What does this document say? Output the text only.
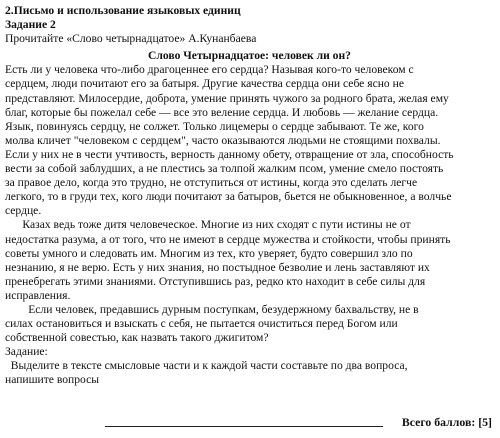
2.Письмо и использование языковых единиц
Задание 2
Прочитайте «Слово четырнадцатое» А.Кунанбаева
Слово Четырнадцатое: человек ли он?
Есть ли у человека что-либо драгоценнее его сердца? Называя кого-то человеком с
сердцем, люди почитают его за батыря. Другие качества сердца они себе ясно не
представляют. Милосердие, доброта, умение принять чужого за родного брата, желая ему
благ, которые бы пожелал себе — все это веление сердца. И любовь — желание сердца.
Язык, повинуясь сердцу, не солжет. Только лицемеры о сердце забывают. Те же, кого
молва кличет "человеком с сердцем", часто оказываются людьми не стоящими похвалы.
Если у них не в чести учтивость, верность данному обету, отвращение от зла, способность
вести за собой заблудших, а не плестись за толпой жалким псом, умение смело постоять
за правое дело, когда это трудно, не отступиться от истины, когда это сделать легче
легкого, то в груди тех, кого люди почитают за батыров, бьется не обыкновенное, а волчье
сердце.
Казах ведь тоже дитя человеческое. Многие из них сходят с пути истины не от
недостатка разума, а от того, что не имеют в сердце мужества и стойкости, чтобы принять
советы умного и следовать им. Многим из тех, кто уверяет, будто совершил зло по
незнанию, я не верю. Есть у них знания, но постыдное безволие и лень заставляют их
пренебрегать этими знаниями. Отступившись раз, редко кто находит в себе силы для
исправления.
Если человек, предавшись дурным поступкам, безудержному бахвальству, не в
силах остановиться и взыскать с себя, не пытается очиститься перед Богом или
собственной совестью, как назвать такого джигитом?
Задание:
Выделите в тексте смысловые части и к каждой части составьте по два вопроса,
напишите вопросы
Всего баллов: [5]
